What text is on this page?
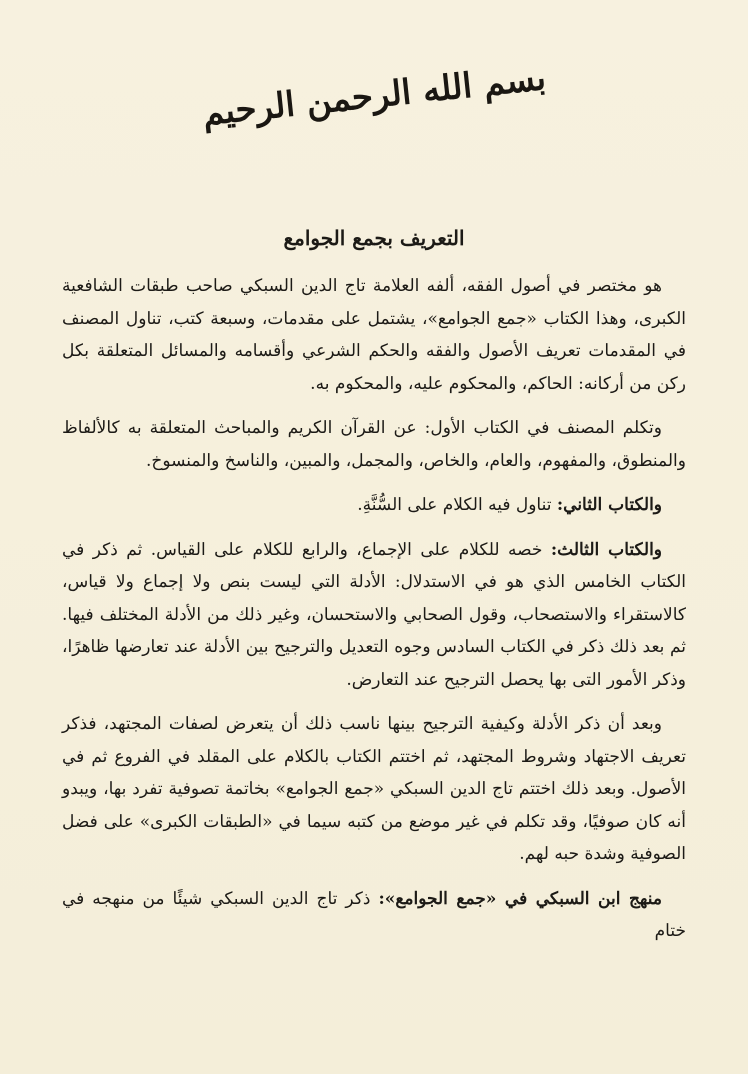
بسم الله الرحمن الرحيم
التعريف بجمع الجوامع

هو مختصر في أصول الفقه، ألفه العلامة تاج الدين السبكي صاحب طبقات الشافعية الكبرى، وهذا الكتاب «جمع الجوامع»، يشتمل على مقدمات، وسبعة كتب، تناول المصنف في المقدمات تعريف الأصول والفقه والحكم الشرعي وأقسامه والمسائل المتعلقة بكل ركن من أركانه: الحاكم، والمحكوم عليه، والمحكوم به.

وتكلم المصنف في الكتاب الأول: عن القرآن الكريم والمباحث المتعلقة به كالألفاظ والمنطوق، والمفهوم، والعام، والخاص، والمجمل، والمبين، والناسخ والمنسوخ.

والكتاب الثاني: تناول فيه الكلام على السُّنَّةِ.

والكتاب الثالث: خصه للكلام على الإجماع، والرابع للكلام على القياس. ثم ذكر في الكتاب الخامس الذي هو في الاستدلال: الأدلة التي ليست بنص ولا إجماع ولا قياس، كالاستقراء والاستصحاب، وقول الصحابي والاستحسان، وغير ذلك من الأدلة المختلف فيها. ثم بعد ذلك ذكر في الكتاب السادس وجوه التعديل والترجيح بين الأدلة عند تعارضها ظاهرًا، وذكر الأمور التى بها يحصل الترجيح عند التعارض.

وبعد أن ذكر الأدلة وكيفية الترجيح بينها ناسب ذلك أن يتعرض لصفات المجتهد، فذكر تعريف الاجتهاد وشروط المجتهد، ثم اختتم الكتاب بالكلام على المقلد في الفروع ثم في الأصول. وبعد ذلك اختتم تاج الدين السبكي «جمع الجوامع» بخاتمة تصوفية تفرد بها، ويبدو أنه كان صوفيًا، وقد تكلم في غير موضع من كتبه سيما في «الطبقات الكبرى» على فضل الصوفية وشدة حبه لهم.

منهج ابن السبكي في «جمع الجوامع»: ذكر تاج الدين السبكي شيئًا من منهجه في ختام
